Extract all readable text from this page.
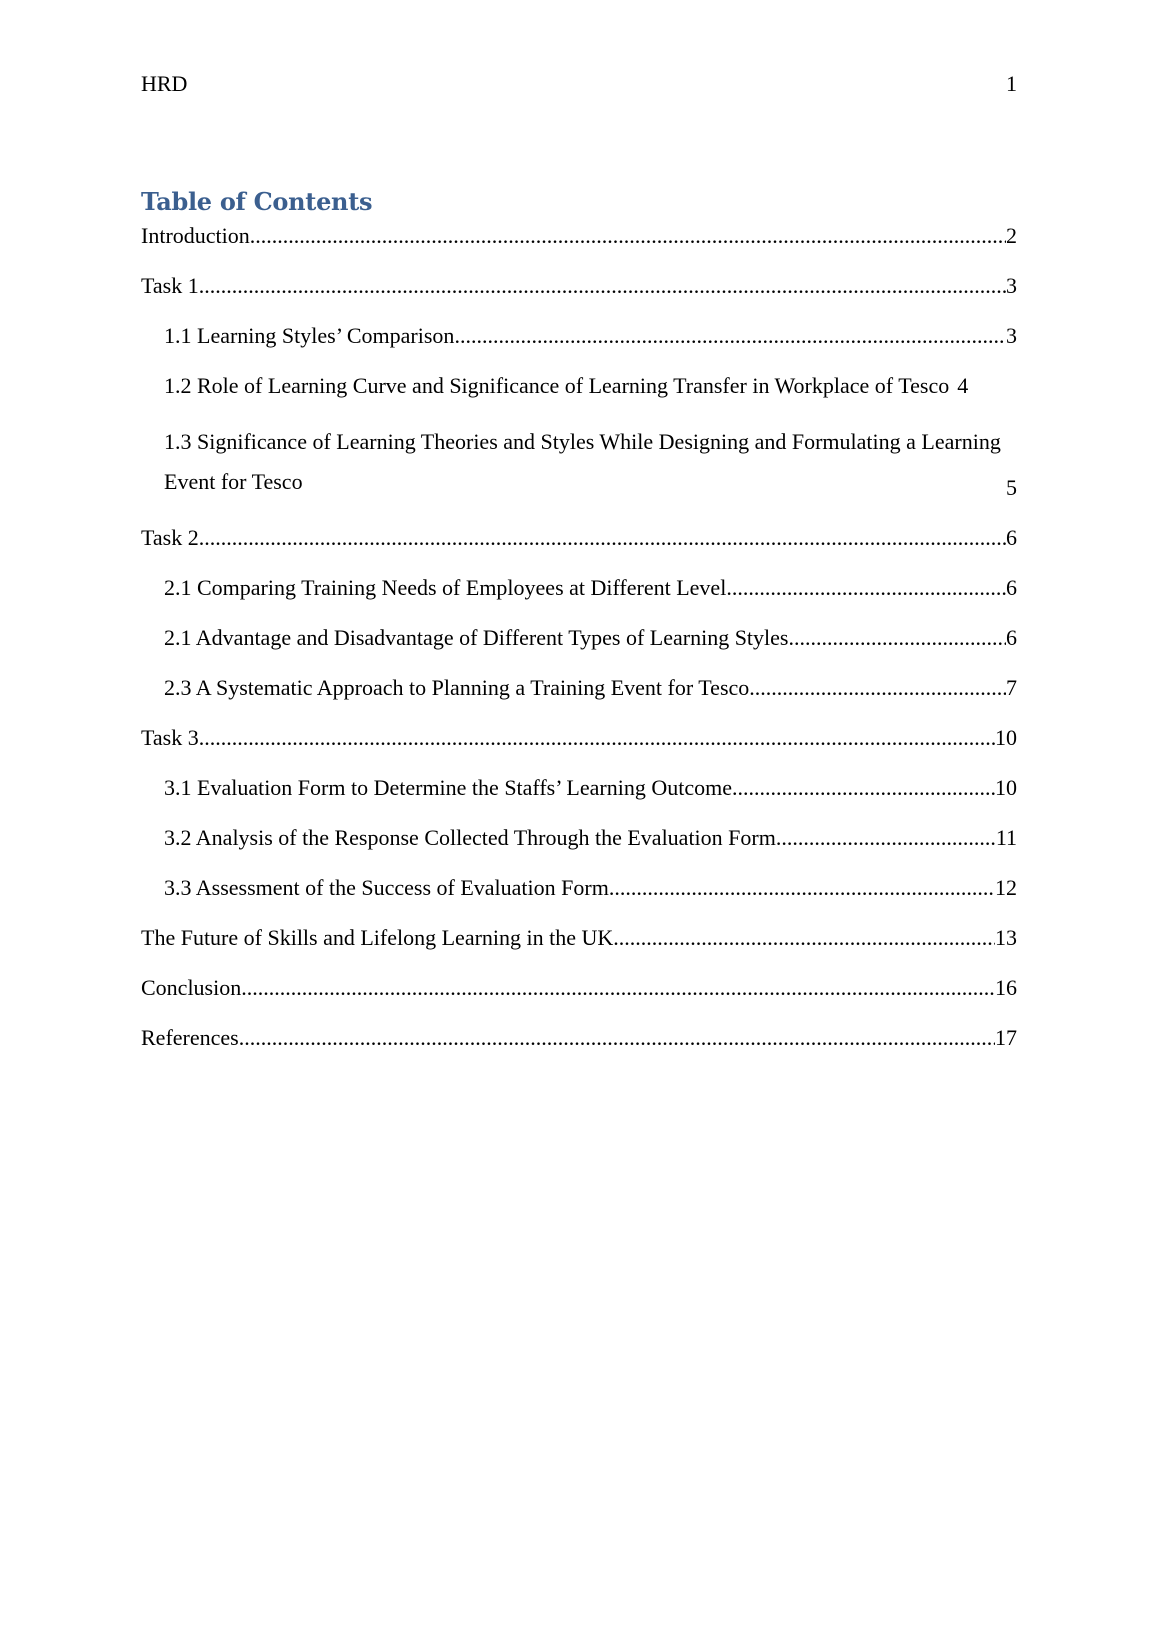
HRD	1
Table of Contents
Introduction .....	2
Task 1 .....	3
1.1 Learning Styles’ Comparison .....	3
1.2 Role of Learning Curve and Significance of Learning Transfer in Workplace of Tesco 4
1.3 Significance of Learning Theories and Styles While Designing and Formulating a Learning Event for Tesco	5
Task 2 .....	6
2.1 Comparing Training Needs of Employees at Different Level .....	6
2.1 Advantage and Disadvantage of Different Types of Learning Styles .....	6
2.3 A Systematic Approach to Planning a Training Event for Tesco .....	7
Task 3 .....	10
3.1 Evaluation Form to Determine the Staffs’ Learning Outcome .....	10
3.2 Analysis of the Response Collected Through the Evaluation Form .....	11
3.3 Assessment of the Success of Evaluation Form .....	12
The Future of Skills and Lifelong Learning in the UK .....	13
Conclusion .....	16
References .....	17
